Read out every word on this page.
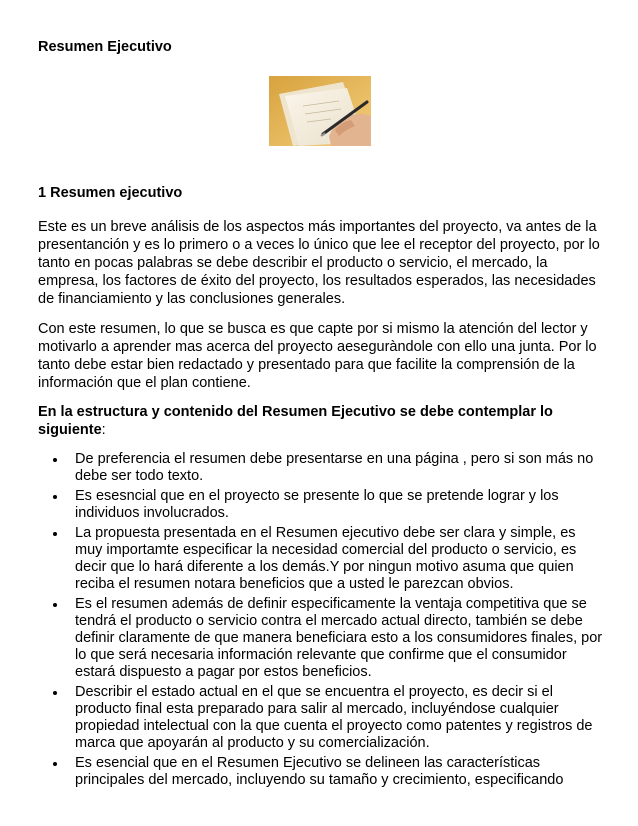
Resumen Ejecutivo
1 Resumen ejecutivo

Este es un breve análisis de los aspectos más importantes del proyecto, va antes de la presentanción y es lo primero o a veces lo único que lee el receptor del proyecto, por lo tanto en pocas palabras se debe describir el producto o servicio, el mercado, la empresa, los factores de éxito del proyecto, los resultados esperados, las necesidades de financiamiento y las conclusiones generales.

Con este resumen, lo que se busca es que capte por si mismo la atención del lector y motivarlo a aprender mas acerca del proyecto aeseguràndole con ello una junta. Por lo tanto debe estar bien redactado y presentado para que facilite la comprensión de la información que el plan contiene.

En la estructura y contenido del Resumen Ejecutivo se debe contemplar lo siguiente:

De preferencia el resumen debe presentarse en una página , pero si son más no debe ser todo texto.
Es esesncial que en el proyecto se presente lo que se pretende lograr y los individuos involucrados.
La propuesta presentada en el Resumen ejecutivo debe ser clara y simple, es muy importamte especificar la necesidad comercial del producto o servicio, es decir que lo hará diferente a los demás.Y por ningun motivo asuma que quien reciba el resumen notara beneficios que a usted le parezcan obvios.
Es el resumen además de definir especificamente la ventaja competitiva que se tendrá el producto o servicio contra el mercado actual directo, también se debe definir claramente de que manera beneficiara esto a los consumidores finales, por lo que será necesaria información relevante que confirme que el consumidor estará dispuesto a pagar por estos beneficios.
Describir el estado actual en el que se encuentra el proyecto, es decir si el producto final esta preparado para salir al mercado, incluyéndose cualquier propiedad intelectual con la que cuenta el proyecto como patentes y registros de marca que apoyarán al producto y su comercialización.
Es esencial que en el Resumen Ejecutivo se delineen las características principales del mercado, incluyendo su tamaño y crecimiento, especificando
